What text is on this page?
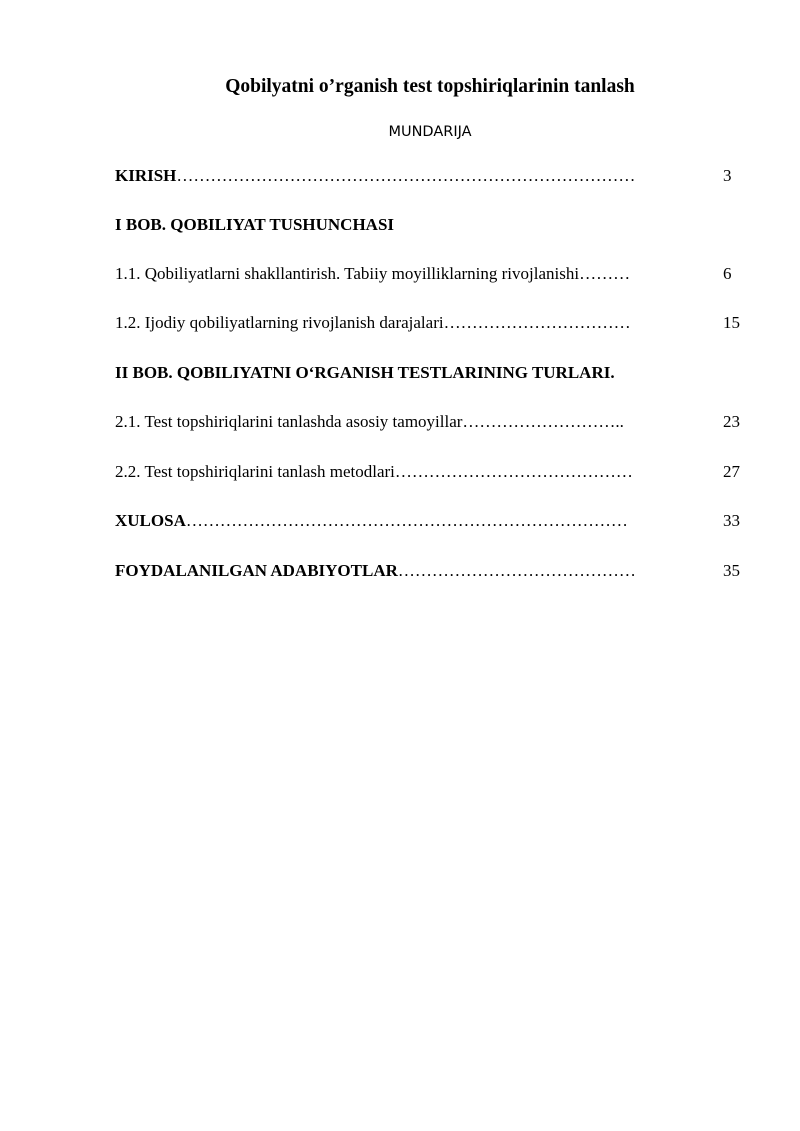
Qobilyatni o’rganish test topshiriqlarinin tanlash
MUNDARIJA
KIRISH………………………………………………………………………	3
I BOB. QOBILIYAT TUSHUNCHASI
1.1. Qobiliyatlarni shakllantirish. Tabiiy moyilliklarning rivojlanishi………	6
1.2. Ijodiy qobiliyatlarning rivojlanish darajalari……………………………	15
II BOB. QOBILIYATNI O‘RGANISH TESTLARINING TURLARI.
2.1. Test topshiriqlarini tanlashda asosiy tamoyillar………………………..	23
2.2. Test topshiriqlarini tanlash metodlari……………………………………	27
XULOSA……………………………………………………………………	33
FOYDALANILGAN ADABIYOTLAR……………………………………	35
